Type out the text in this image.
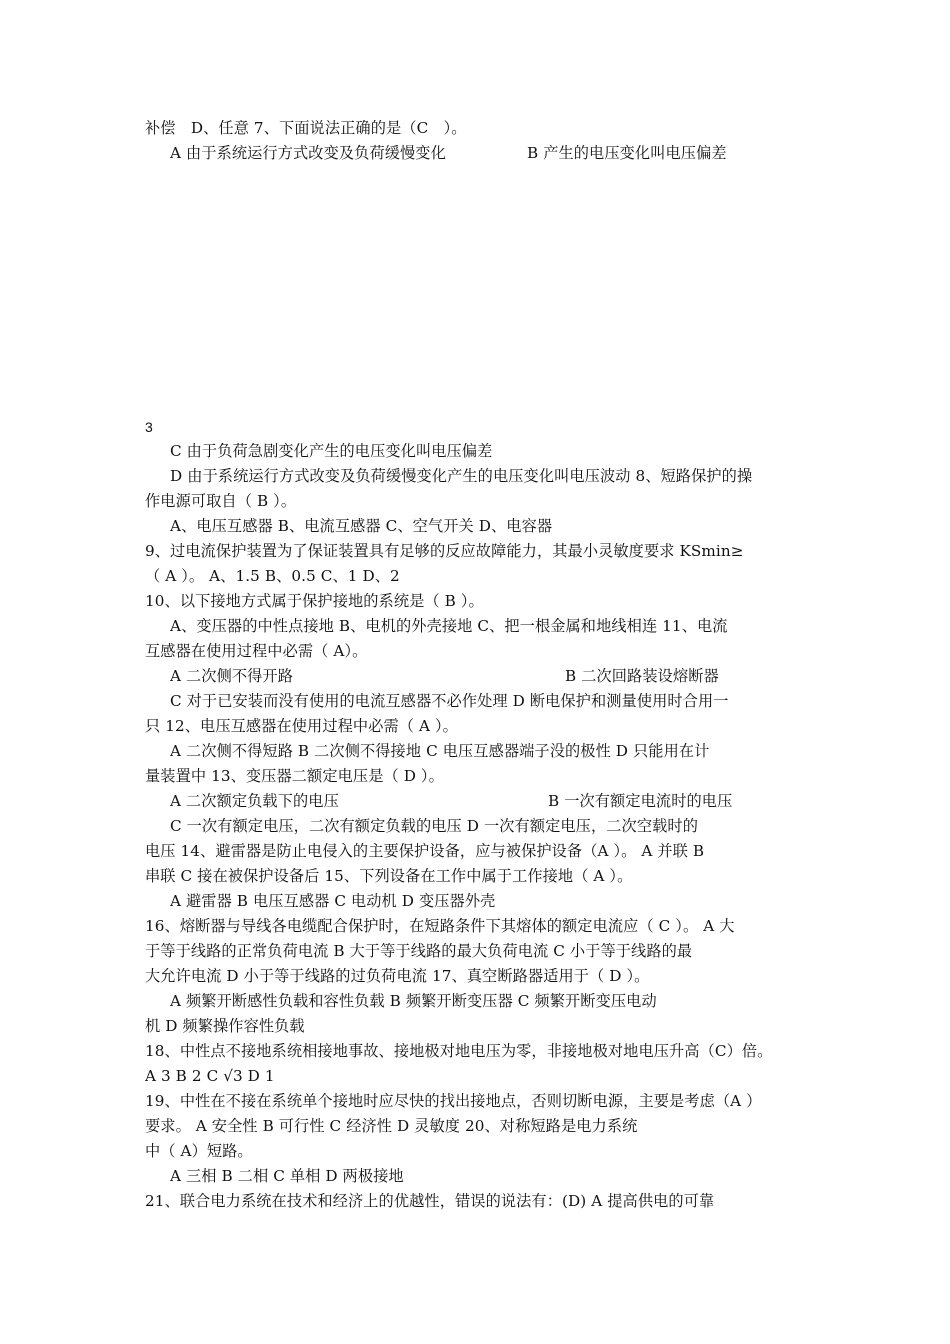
补偿　D、任意 7、下面说法正确的是（C　）。
A 由于系统运行方式改变及负荷缓慢变化	B 产生的电压变化叫电压偏差
3
C 由于负荷急剧变化产生的电压变化叫电压偏差
D 由于系统运行方式改变及负荷缓慢变化产生的电压变化叫电压波动 8、短路保护的操
作电源可取自（ B ）。
A、电压互感器 B、电流互感器 C、空气开关 D、电容器
9、过电流保护装置为了保证装置具有足够的反应故障能力，其最小灵敏度要求 KSmin≥
（ A ）。 A、1.5 B、0.5 C、1 D、2
10、以下接地方式属于保护接地的系统是（ B ）。
A、变压器的中性点接地 B、电机的外壳接地 C、把一根金属和地线相连 11、电流
互感器在使用过程中必需（ A）。
A 二次侧不得开路	B 二次回路装设熔断器
C 对于已安装而没有使用的电流互感器不必作处理 D 断电保护和测量使用时合用一
只 12、电压互感器在使用过程中必需（ A ）。
A 二次侧不得短路 B 二次侧不得接地 C 电压互感器端子没的极性 D 只能用在计
量装置中 13、变压器二额定电压是（ D ）。
A 二次额定负载下的电压	B 一次有额定电流时的电压
C 一次有额定电压，二次有额定负载的电压 D 一次有额定电压，二次空载时的
电压 14、避雷器是防止电侵入的主要保护设备，应与被保护设备（A ）。 A 并联 B
串联 C 接在被保护设备后 15、下列设备在工作中属于工作接地（ A ）。
A 避雷器 B 电压互感器 C 电动机 D 变压器外壳
16、熔断器与导线各电缆配合保护时，在短路条件下其熔体的额定电流应（ C ）。 A 大
于等于线路的正常负荷电流 B 大于等于线路的最大负荷电流 C 小于等于线路的最
大允许电流 D 小于等于线路的过负荷电流 17、真空断路器适用于（ D ）。
A 频繁开断感性负载和容性负载 B 频繁开断变压器 C 频繁开断变压电动
机 D 频繁操作容性负载
18、中性点不接地系统相接地事故、接地极对地电压为零，非接地极对地电压升高（C）倍。
A 3 B 2 C √3 D 1
19、中性在不接在系统单个接地时应尽快的找出接地点，否则切断电源，主要是考虑（A ）
要求。 A 安全性 B 可行性 C 经济性 D 灵敏度 20、对称短路是电力系统
中（ A）短路。
A 三相 B 二相 C 单相 D 两极接地
21、联合电力系统在技术和经济上的优越性，错误的说法有：(D) A 提高供电的可靠
